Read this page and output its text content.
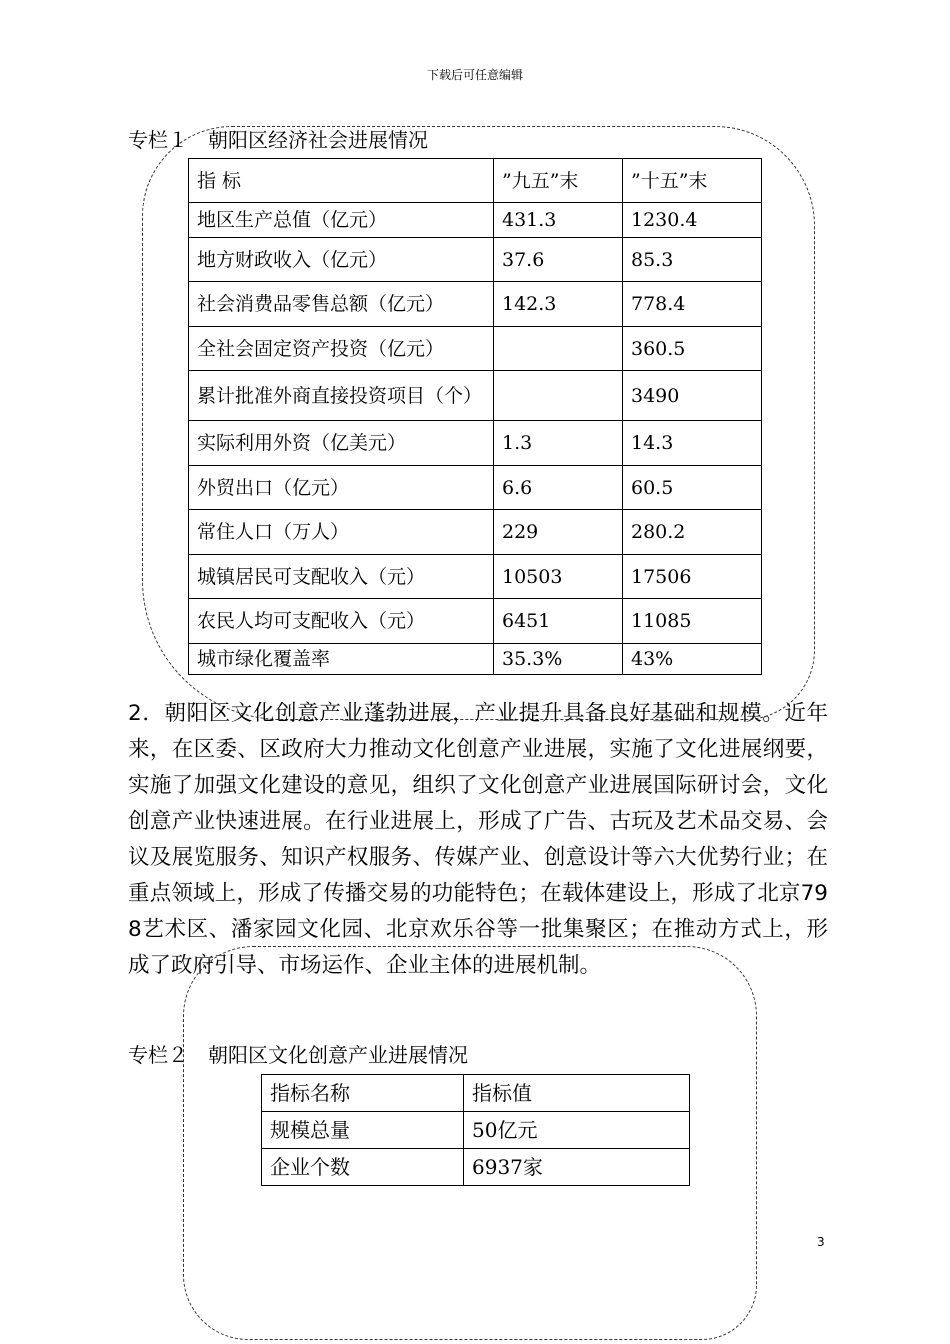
下载后可任意编辑
专栏１　朝阳区经济社会进展情况
指 标	”九五”末	”十五”末
地区生产总值（亿元）	431.3	1230.4
地方财政收入（亿元）	37.6	85.3
社会消费品零售总额（亿元）	142.3	778.4
全社会固定资产投资（亿元）		360.5
累计批准外商直接投资项目（个）		3490
实际利用外资（亿美元）	1.3	14.3
外贸出口（亿元）	6.6	60.5
常住人口（万人）	229	280.2
城镇居民可支配收入（元）	10503	17506
农民人均可支配收入（元）	6451	11085
城市绿化覆盖率	35.3%	43%
2．朝阳区文化创意产业蓬勃进展，产业提升具备良好基础和规模。近年来，在区委、区政府大力推动文化创意产业进展，实施了文化进展纲要，实施了加强文化建设的意见，组织了文化创意产业进展国际研讨会，文化创意产业快速进展。在行业进展上，形成了广告、古玩及艺术品交易、会议及展览服务、知识产权服务、传媒产业、创意设计等六大优势行业；在重点领域上，形成了传播交易的功能特色；在载体建设上，形成了北京798艺术区、潘家园文化园、北京欢乐谷等一批集聚区；在推动方式上，形成了政府引导、市场运作、企业主体的进展机制。
专栏２　朝阳区文化创意产业进展情况
指标名称	指标值
规模总量	50亿元
企业个数	6937家
3
